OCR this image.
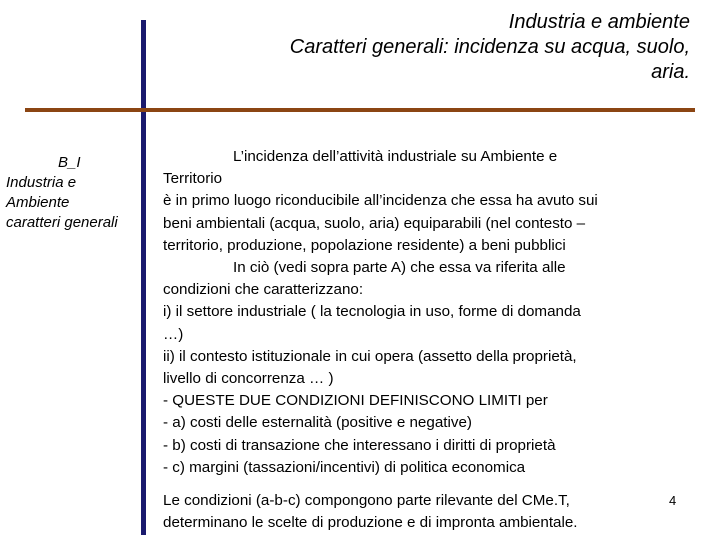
Industria e ambiente
Caratteri generali: incidenza su acqua, suolo,
aria.
B_I
Industria e
Ambiente
caratteri generali
L’incidenza dell’attività industriale su Ambiente e
Territorio
è in primo luogo riconducibile all’incidenza che essa ha avuto sui
beni ambientali (acqua, suolo, aria) equiparabili (nel contesto –
territorio, produzione, popolazione residente) a beni pubblici
In ciò (vedi sopra parte A) che essa va riferita alle
condizioni che caratterizzano:
i) il settore industriale ( la tecnologia in uso, forme di domanda
…)
ii) il contesto istituzionale in cui opera (assetto della proprietà,
livello di concorrenza … )
- QUESTE DUE CONDIZIONI DEFINISCONO LIMITI per
- a) costi delle esternalità (positive e negative)
- b) costi di transazione che interessano i diritti di proprietà
- c) margini (tassazioni/incentivi) di politica economica
Le condizioni (a-b-c) compongono parte rilevante del CMe.T,
determinano le scelte di produzione e di impronta ambientale.
4
